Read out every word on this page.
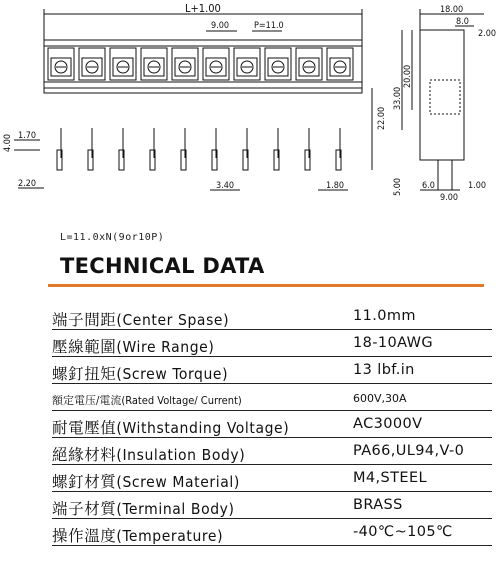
L+1.00
9.00	P=11.0
4.00 1.70
2.20	3.40	1.80
22.00
18.00
8.0
2.00
20.00
33.00
6.0
9.00
1.00
5.00
L=11.0xN(9or10P)
TECHNICAL DATA
端子間距(Center Spase)	11.0mm
壓線範圍(Wire Range)	18-10AWG
螺釘扭矩(Screw Torque)	13 lbf.in
額定電压/電流(Rated Voltage/ Current)	600V,30A
耐電壓值(Withstanding Voltage)	AC3000V
絕緣材料(Insulation Body)	PA66,UL94,V-0
螺釘材質(Screw Material)	M4,STEEL
端子材質(Terminal Body)	BRASS
操作溫度(Temperature)	-40℃~105℃
